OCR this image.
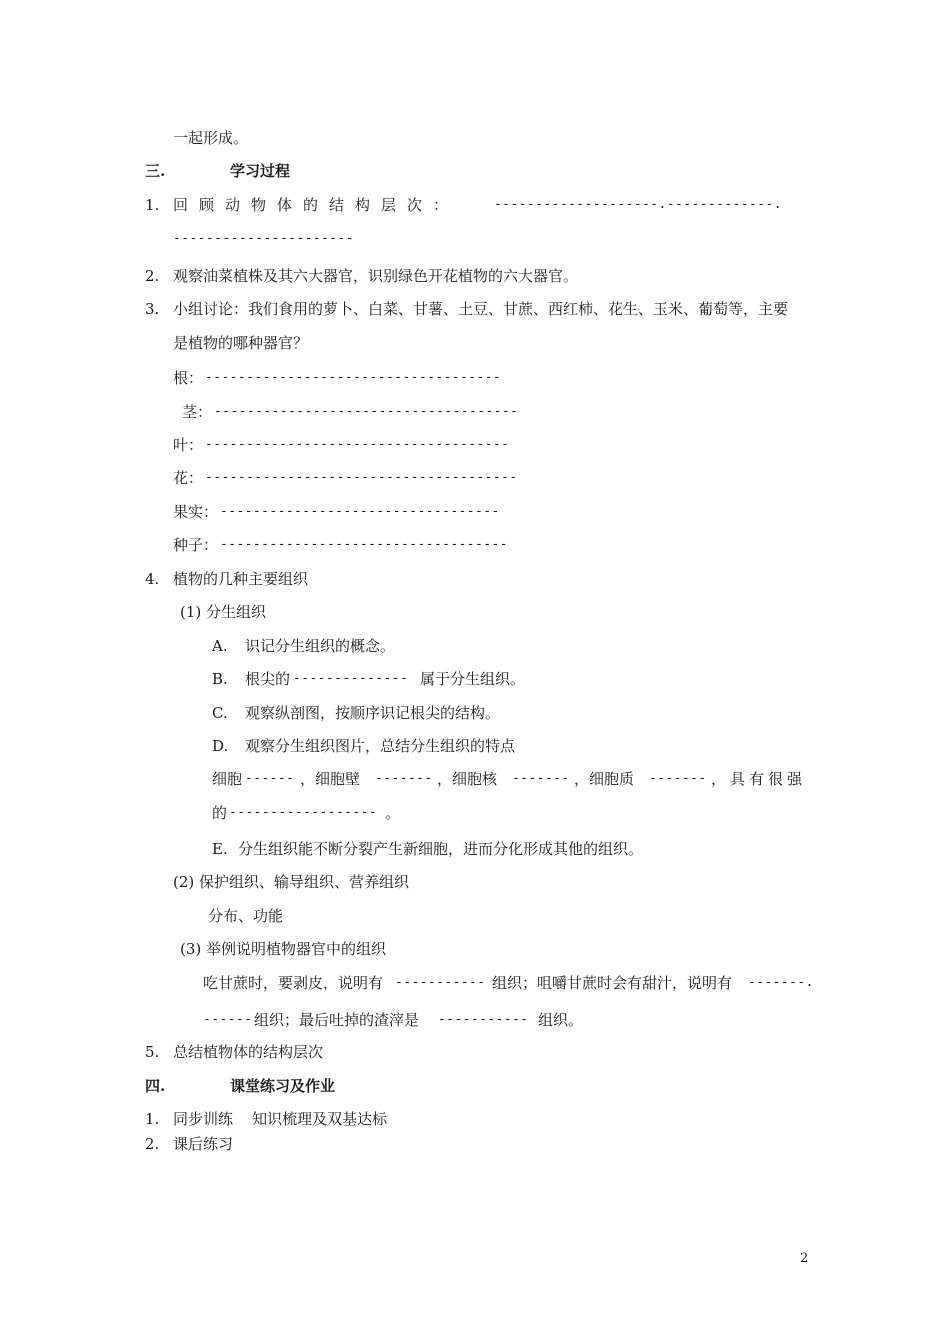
一起形成。
三.	学习过程
1. 回顾动物体的结构层次：	--------------------.-------------.
----------------------
2. 观察油菜植株及其六大器官，识别绿色开花植物的六大器官。
3. 小组讨论：我们食用的萝卜、白菜、甘薯、土豆、甘蔗、西红柿、花生、玉米、葡萄等，主要
是植物的哪种器官？
根： ------------------------------------
茎： -------------------------------------
叶： -------------------------------------
花： --------------------------------------
果实： ----------------------------------
种子： -----------------------------------
4. 植物的几种主要组织
(1) 分生组织
A. 识记分生组织的概念。
B. 根尖的 -------------- 属于分生组织。
C. 观察纵剖图，按顺序识记根尖的结构。
D. 观察分生组织图片，总结分生组织的特点
细胞 ------ ，细胞壁 ------- ，细胞核 ------- ，细胞质 ------- ，具有很强
的 ------------------ 。
E. 分生组织能不断分裂产生新细胞，进而分化形成其他的组织。
(2) 保护组织、输导组织、营养组织
分布、功能
(3) 举例说明植物器官中的组织
吃甘蔗时，要剥皮，说明有 ----------- 组织；咀嚼甘蔗时会有甜汁，说明有 -------.
------ 组织；最后吐掉的渣滓是 ----------- 组织。
5. 总结植物体的结构层次
四.	课堂练习及作业
1. 同步训练    知识梳理及双基达标
2. 课后练习
2
